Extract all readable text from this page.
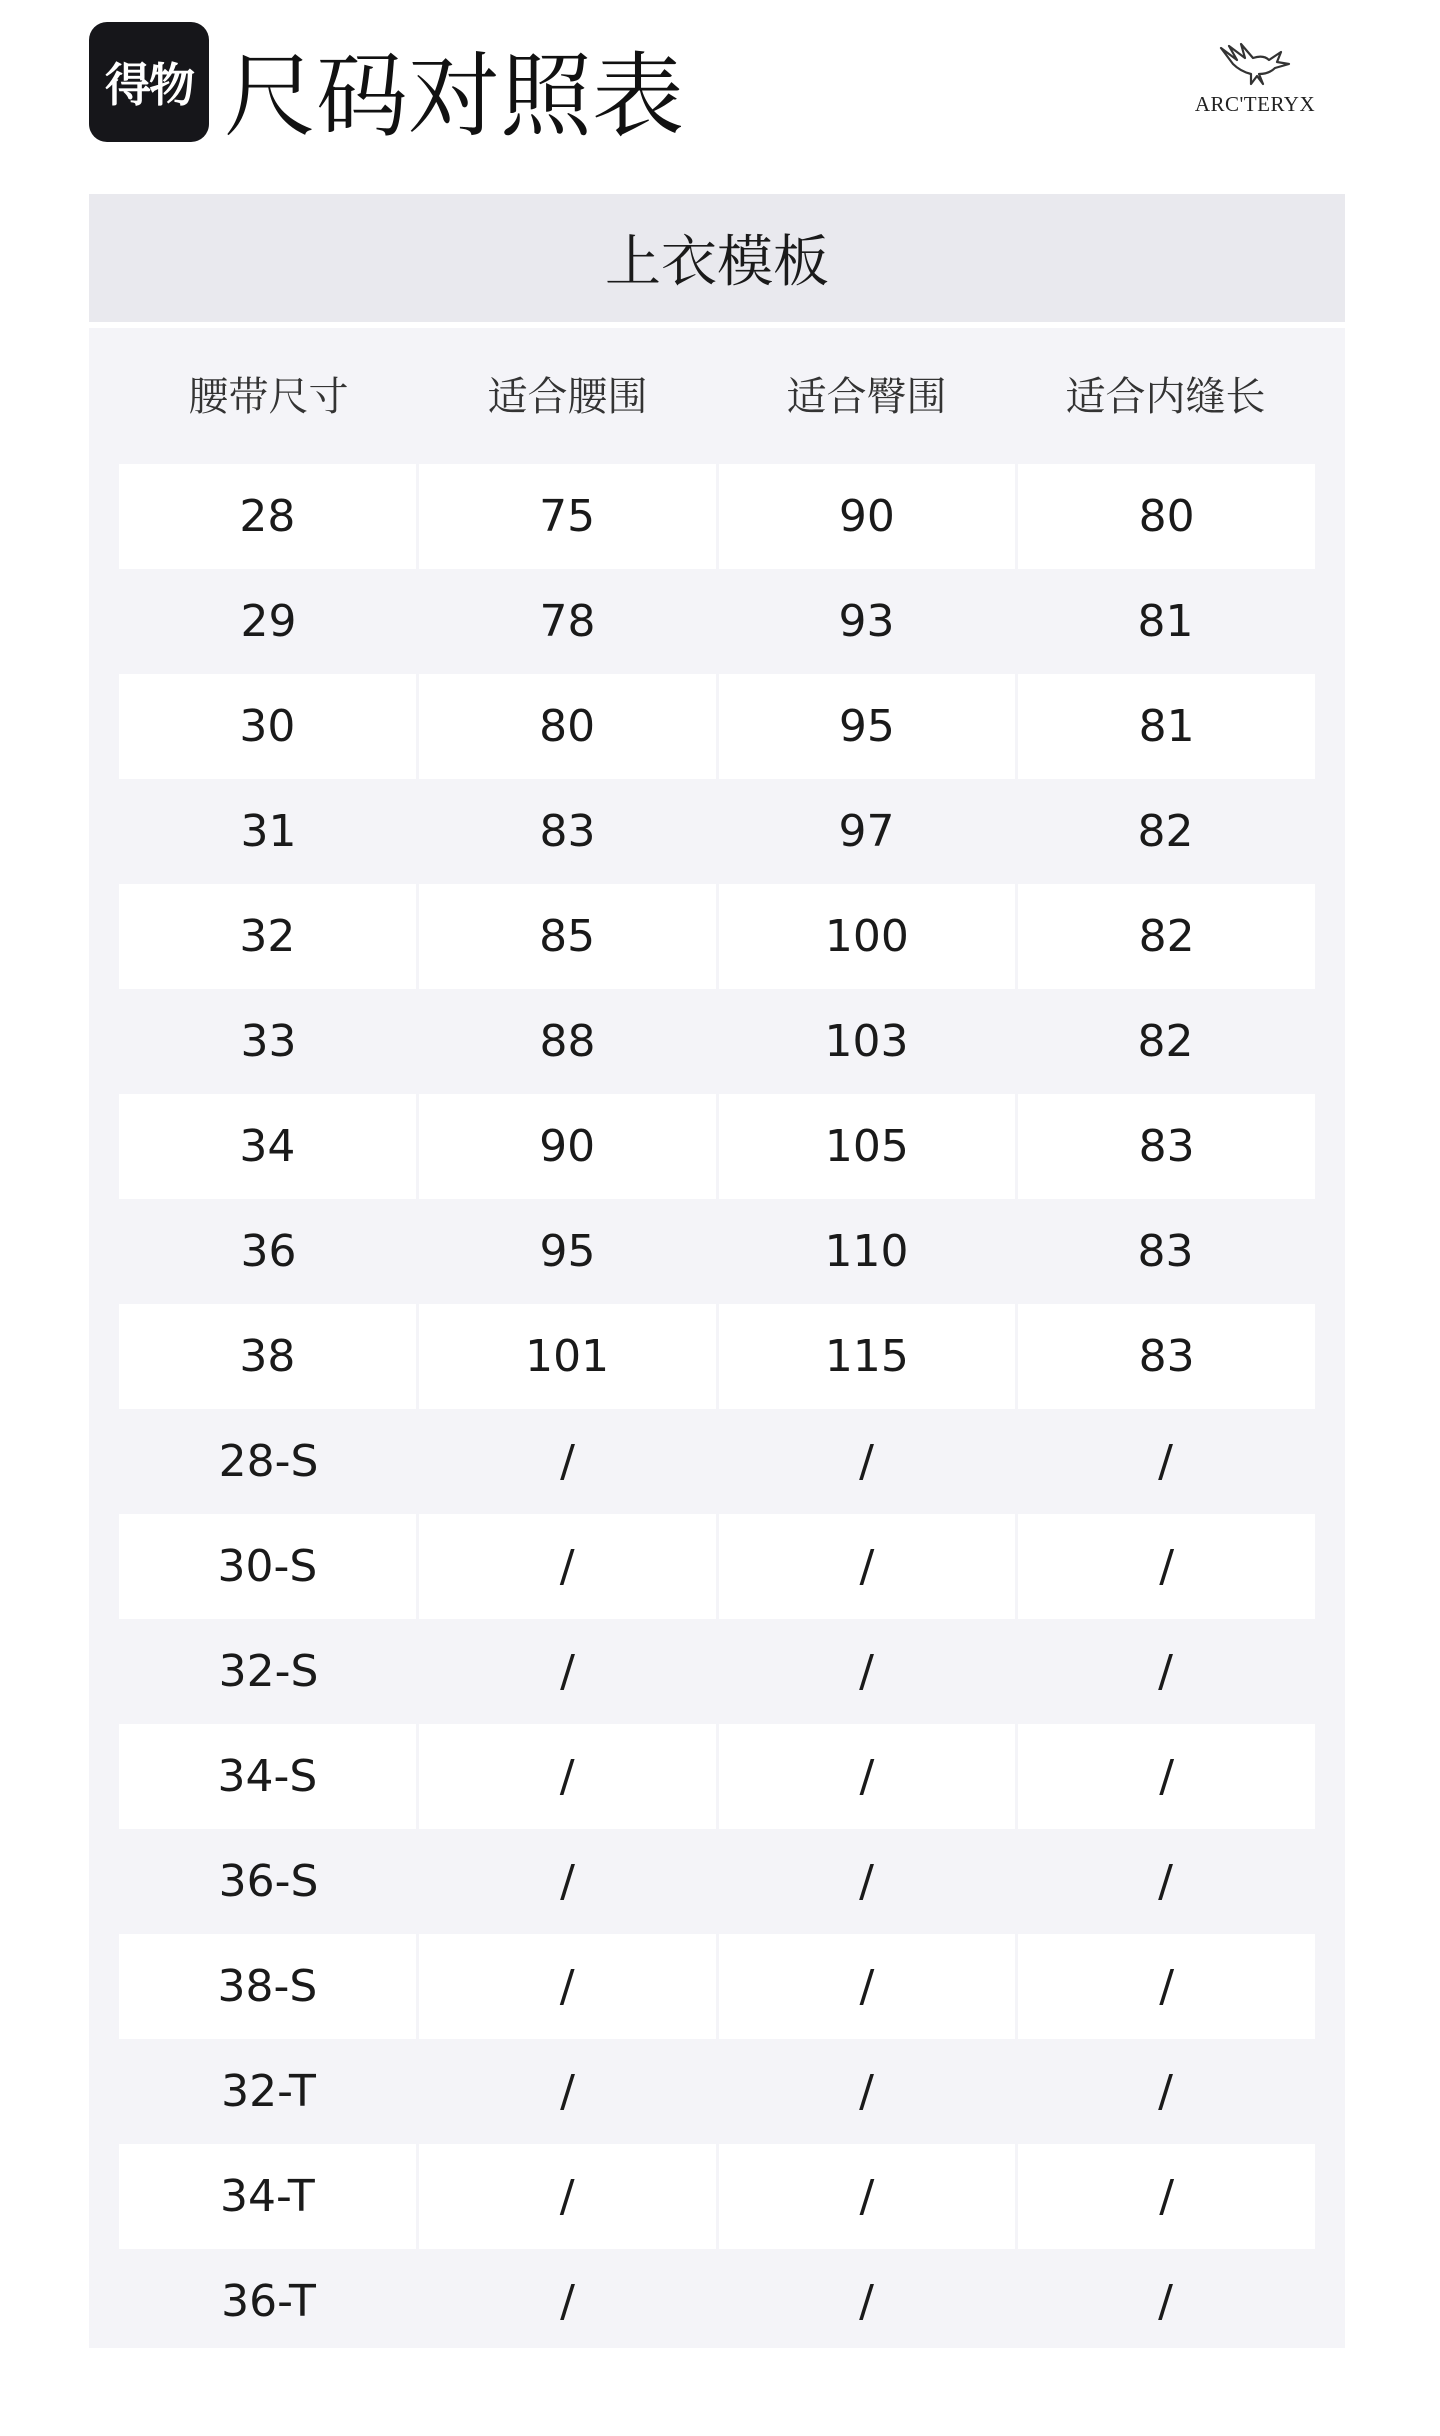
得物 尺码对照表	ARC'TERYX
上衣模板
腰带尺寸	适合腰围	适合臀围	适合内缝长
28	75	90	80
29	78	93	81
30	80	95	81
31	83	97	82
32	85	100	82
33	88	103	82
34	90	105	83
36	95	110	83
38	101	115	83
28-S	/	/	/
30-S	/	/	/
32-S	/	/	/
34-S	/	/	/
36-S	/	/	/
38-S	/	/	/
32-T	/	/	/
34-T	/	/	/
36-T	/	/	/
